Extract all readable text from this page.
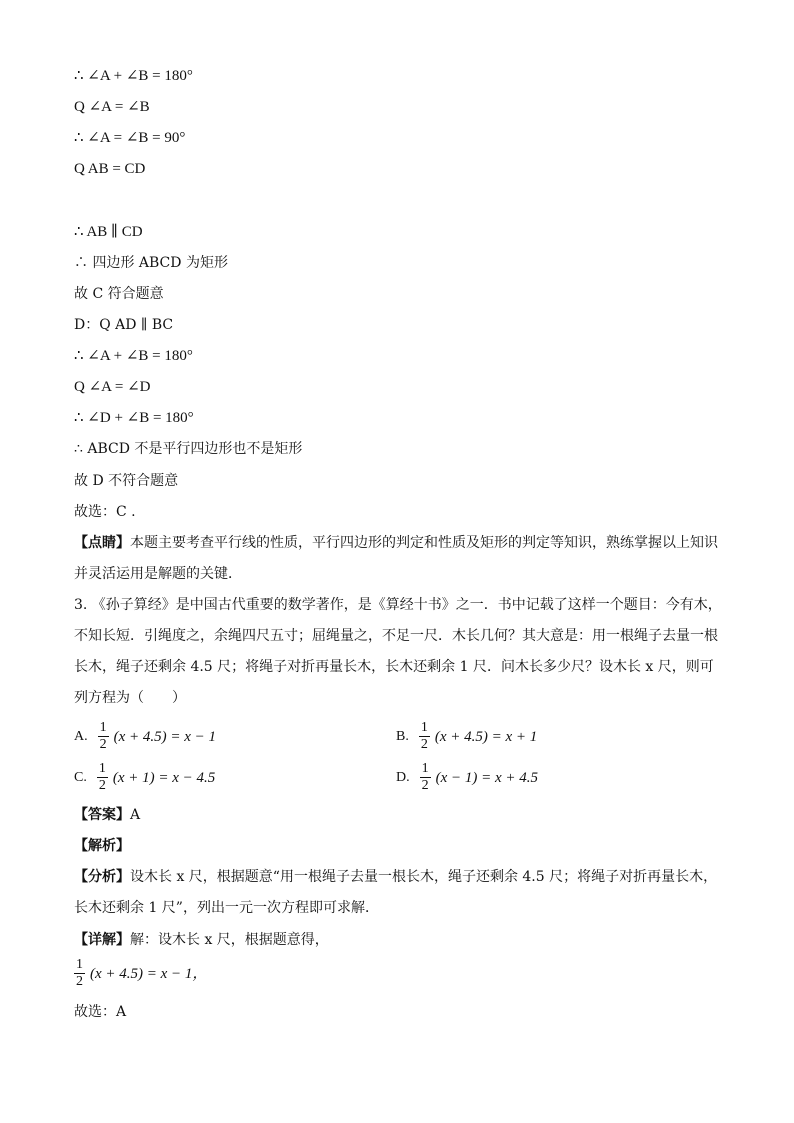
∴ ∠A + ∠B = 180°
Q ∠A = ∠B
∴ ∠A = ∠B = 90°
Q AB = CD
∴ AB ∥ CD
∴ 四边形 ABCD 为矩形
故 C 符合题意
D：Q AD ∥ BC
∴ ∠A + ∠B = 180°
Q ∠A = ∠D
∴ ∠D + ∠B = 180°
∴ ABCD 不是平行四边形也不是矩形
故 D 不符合题意
故选：C .
【点睛】本题主要考查平行线的性质，平行四边形的判定和性质及矩形的判定等知识，熟练掌握以上知识并灵活运用是解题的关键．
3. 《孙子算经》是中国古代重要的数学著作，是《算经十书》之一．书中记载了这样一个题目：今有木，不知长短．引绳度之，余绳四尺五寸；屈绳量之，不足一尺．木长几何？其大意是：用一根绳子去量一根长木，绳子还剩余 4.5 尺；将绳子对折再量长木，长木还剩余 1 尺．问木长多少尺？设木长 x 尺，则可列方程为（　　）
A. $\frac{1}{2} (x + 4.5) = x - 1$	B. $\frac{1}{2} (x + 4.5) = x + 1$
C. $\frac{1}{2} (x + 1) = x - 4.5$	D. $\frac{1}{2} (x - 1) = x + 4.5$
【答案】A
【解析】
【分析】设木长 x 尺，根据题意“用一根绳子去量一根长木，绳子还剩余 4.5 尺；将绳子对折再量长木，长木还剩余 1 尺”，列出一元一次方程即可求解．
【详解】解：设木长 x 尺，根据题意得，
$\frac{1}{2} (x + 4.5) = x - 1$，
故选：A
